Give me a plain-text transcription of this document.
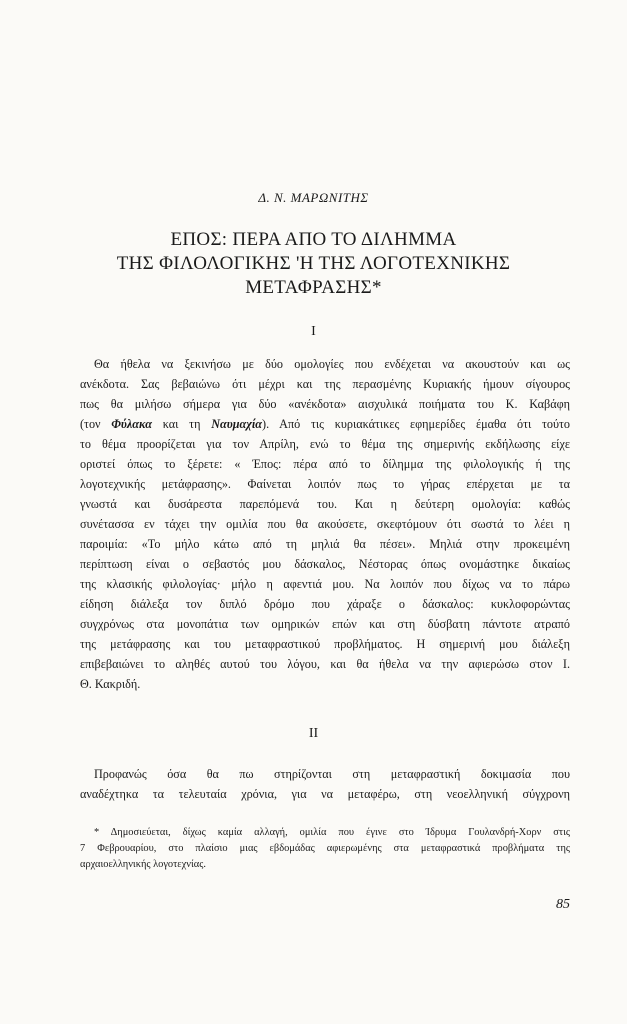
Δ. Ν. ΜΑΡΩΝΙΤΗΣ
ΕΠΟΣ: ΠΕΡΑ ΑΠΟ ΤΟ ΔΙΛΗΜΜΑ
ΤΗΣ ΦΙΛΟΛΟΓΙΚΗΣ 'Η ΤΗΣ ΛΟΓΟΤΕΧΝΙΚΗΣ
ΜΕΤΑΦΡΑΣΗΣ*
I
Θα ήθελα να ξεκινήσω με δύο ομολογίες που ενδέχεται να ακουστούν και ως
ανέκδοτα. Σας βεβαιώνω ότι μέχρι και της περασμένης Κυριακής ήμουν σίγουρος
πως θα μιλήσω σήμερα για δύο «ανέκδοτα» αισχυλικά ποιήματα του Κ. Καβάφη
(τον Φύλακα και τη Ναυμαχία). Από τις κυριακάτικες εφημερίδες έμαθα ότι τούτο
το θέμα προορίζεται για τον Απρίλη, ενώ το θέμα της σημερινής εκδήλωσης είχε
οριστεί όπως το ξέρετε: « Έπος: πέρα από το δίλημμα της φιλολογικής ή της
λογοτεχνικής μετάφρασης». Φαίνεται λοιπόν πως το γήρας επέρχεται με τα
γνωστά και δυσάρεστα παρεπόμενά του. Και η δεύτερη ομολογία: καθώς
συνέτασσα εν τάχει την ομιλία που θα ακούσετε, σκεφτόμουν ότι σωστά το λέει η
παροιμία: «Το μήλο κάτω από τη μηλιά θα πέσει». Μηλιά στην προκειμένη
περίπτωση είναι ο σεβαστός μου δάσκαλος, Νέστορας όπως ονομάστηκε δικαίως
της κλασικής φιλολογίας· μήλο η αφεντιά μου. Να λοιπόν που δίχως να το πάρω
είδηση διάλεξα τον διπλό δρόμο που χάραξε ο δάσκαλος: κυκλοφορώντας
συγχρόνως στα μονοπάτια των ομηρικών επών και στη δύσβατη πάντοτε ατραπό
της μετάφρασης και του μεταφραστικού προβλήματος. Η σημερινή μου διάλεξη
επιβεβαιώνει το αληθές αυτού του λόγου, και θα ήθελα να την αφιερώσω στον Ι.
Θ. Κακριδή.
II
Προφανώς όσα θα πω στηρίζονται στη μεταφραστική δοκιμασία που
αναδέχτηκα τα τελευταία χρόνια, για να μεταφέρω, στη νεοελληνική σύγχρονη
* Δημοσιεύεται, δίχως καμία αλλαγή, ομιλία που έγινε στο Ίδρυμα Γουλανδρή-Χορν στις
7 Φεβρουαρίου, στο πλαίσιο μιας εβδομάδας αφιερωμένης στα μεταφραστικά προβλήματα της
αρχαιοελληνικής λογοτεχνίας.
85
